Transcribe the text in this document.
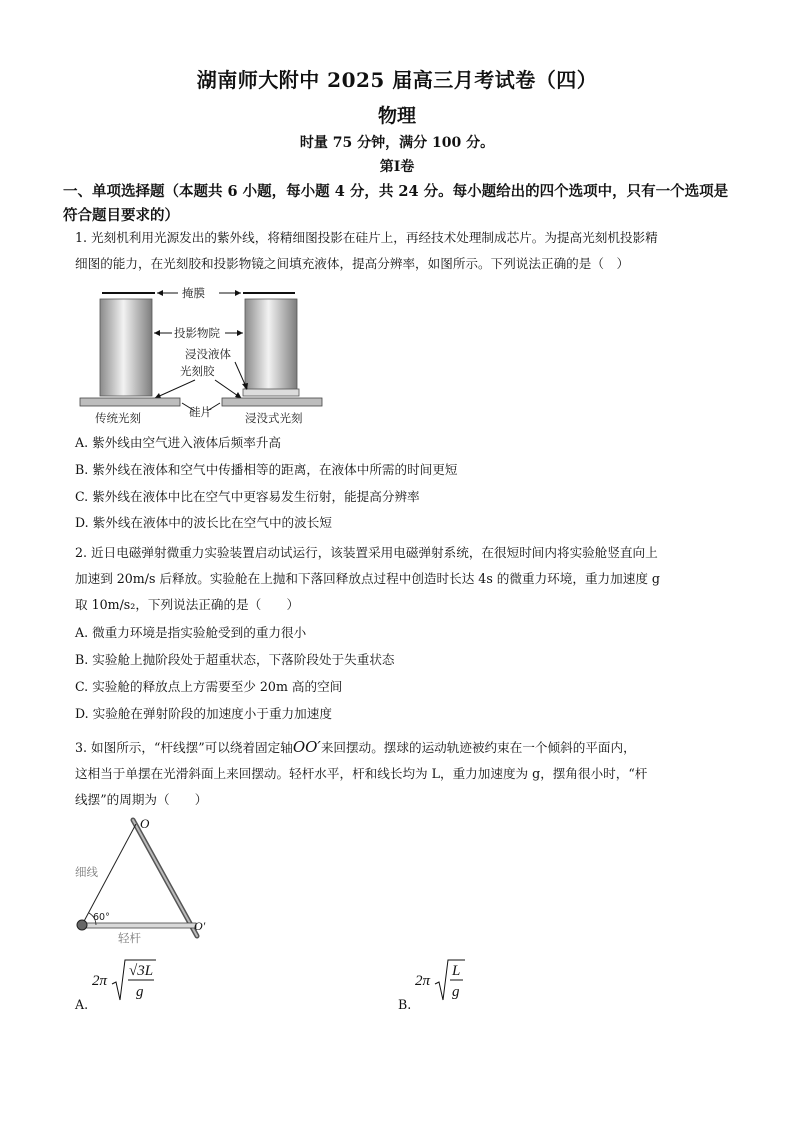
湖南师大附中 2025 届高三月考试卷（四）
物理
时量 75 分钟，满分 100 分。
第Ⅰ卷
一、单项选择题（本题共 6 小题，每小题 4 分，共 24 分。每小题给出的四个选项中，只有一个选项是符合题目要求的）
1. 光刻机利用光源发出的紫外线，将精细图投影在硅片上，再经技术处理制成芯片。为提高光刻机投影精
细图的能力，在光刻胶和投影物镜之间填充液体，提高分辨率，如图所示。下列说法正确的是（　）
掩膜
投影物院
浸没液体
光刻胶
硅片
传统光刻	浸没式光刻
A. 紫外线由空气进入液体后频率升高
B. 紫外线在液体和空气中传播相等的距离，在液体中所需的时间更短
C. 紫外线在液体中比在空气中更容易发生衍射，能提高分辨率
D. 紫外线在液体中的波长比在空气中的波长短
2. 近日电磁弹射微重力实验装置启动试运行，该装置采用电磁弹射系统，在很短时间内将实验舱竖直向上
加速到 20m/s 后释放。实验舱在上抛和下落回释放点过程中创造时长达 4s 的微重力环境，重力加速度 g
取 10m/s₂，下列说法正确的是（　　）
A. 微重力环境是指实验舱受到的重力很小
B. 实验舱上抛阶段处于超重状态，下落阶段处于失重状态
C. 实验舱的释放点上方需要至少 20m 高的空间
D. 实验舱在弹射阶段的加速度小于重力加速度
3. 如图所示，“杆线摆”可以绕着固定轴OO′来回摆动。摆球的运动轨迹被约束在一个倾斜的平面内，
这相当于单摆在光滑斜面上来回摆动。轻杆水平，杆和线长均为 L，重力加速度为 g，摆角很小时，“杆
线摆”的周期为（　　）
O
O′
细线
60°
轻杆
A.
2π
√3L
g
B.
2π
L
g
